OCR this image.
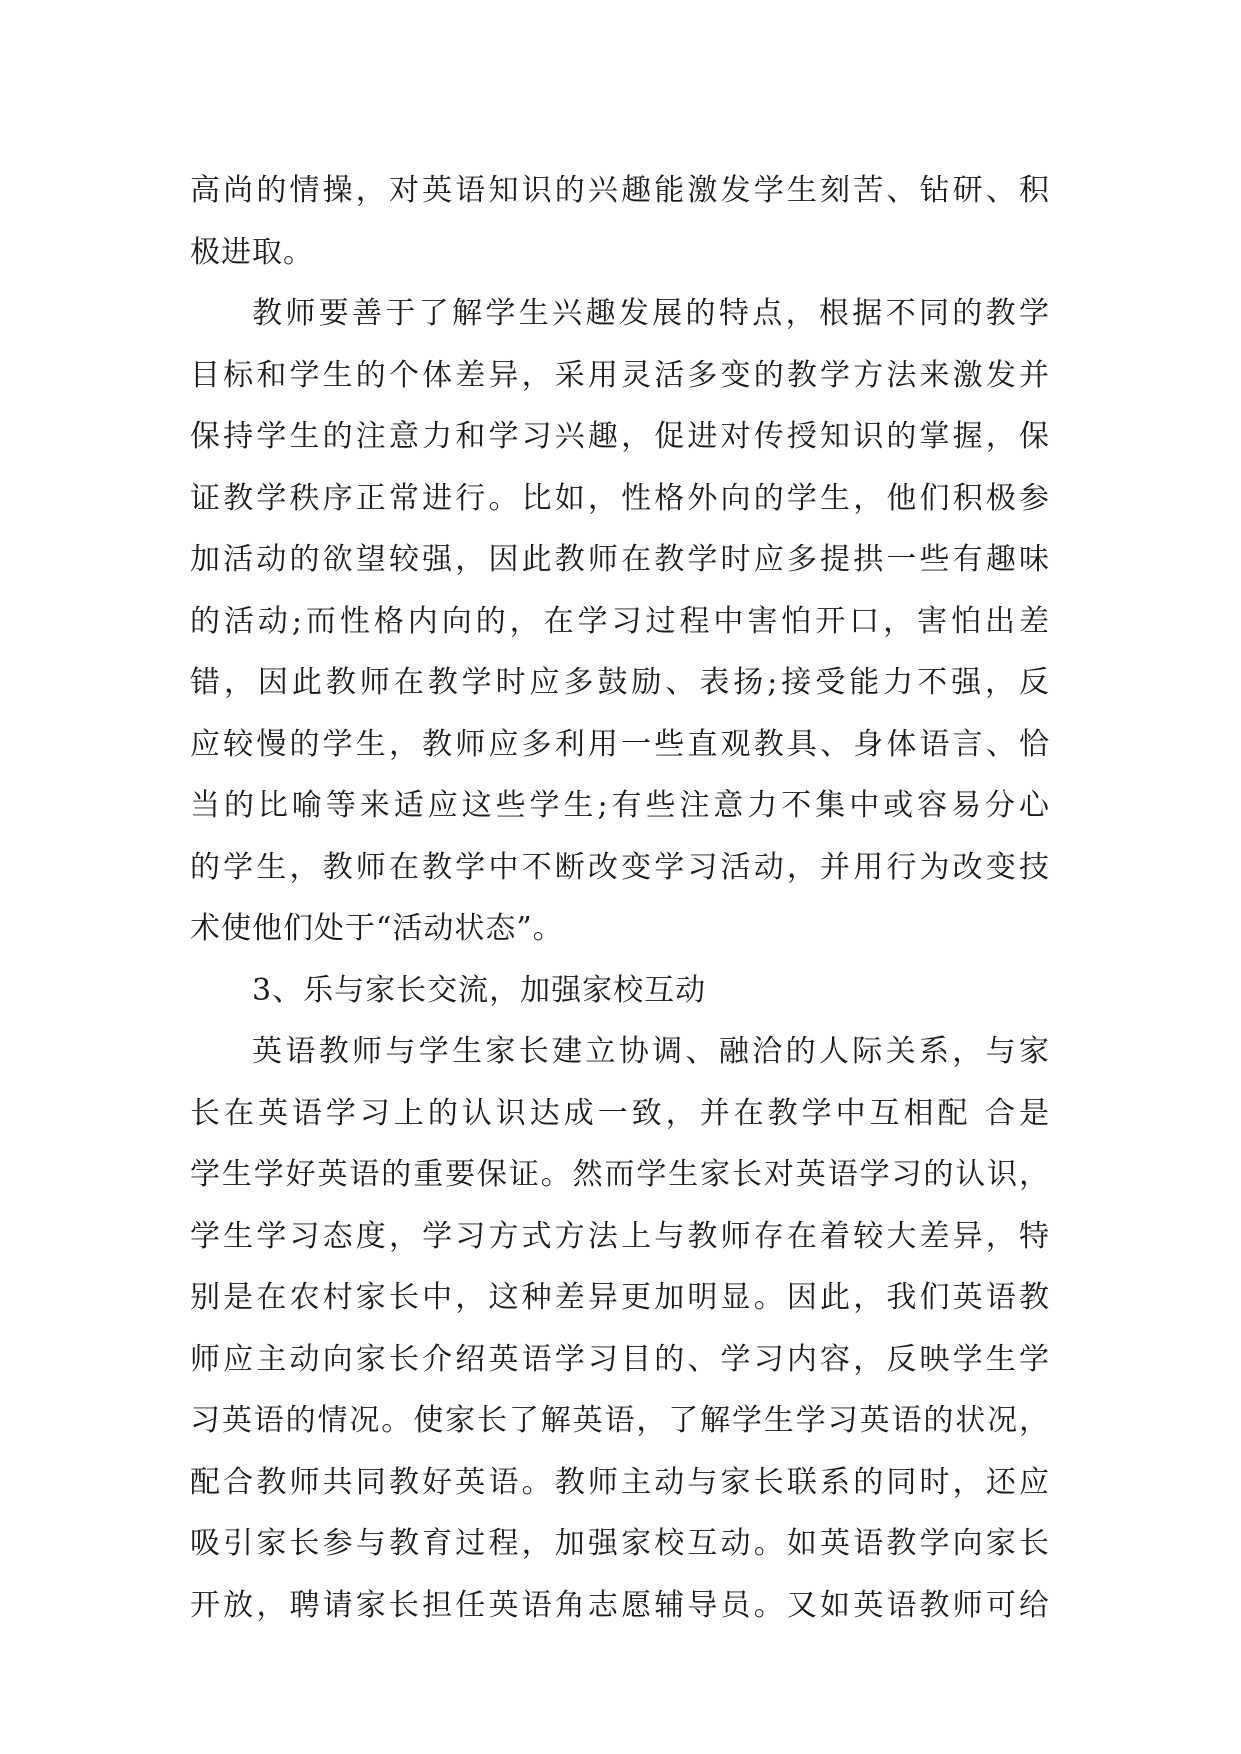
高尚的情操，对英语知识的兴趣能激发学生刻苦、钻研、积
极进取。
教师要善于了解学生兴趣发展的特点，根据不同的教学
目标和学生的个体差异，采用灵活多变的教学方法来激发并
保持学生的注意力和学习兴趣，促进对传授知识的掌握，保
证教学秩序正常进行。比如，性格外向的学生，他们积极参
加活动的欲望较强，因此教师在教学时应多提拱一些有趣味
的活动;而性格内向的，在学习过程中害怕开口，害怕出差
错，因此教师在教学时应多鼓励、表扬;接受能力不强，反
应较慢的学生，教师应多利用一些直观教具、身体语言、恰
当的比喻等来适应这些学生;有些注意力不集中或容易分心
的学生，教师在教学中不断改变学习活动，并用行为改变技
术使他们处于“活动状态”。
3、乐与家长交流，加强家校互动
英语教师与学生家长建立协调、融洽的人际关系，与家
长在英语学习上的认识达成一致，并在教学中互相配 合是
学生学好英语的重要保证。然而学生家长对英语学习的认识，
学生学习态度，学习方式方法上与教师存在着较大差异，特
别是在农村家长中，这种差异更加明显。因此，我们英语教
师应主动向家长介绍英语学习目的、学习内容，反映学生学
习英语的情况。使家长了解英语，了解学生学习英语的状况，
配合教师共同教好英语。教师主动与家长联系的同时，还应
吸引家长参与教育过程，加强家校互动。如英语教学向家长
开放，聘请家长担任英语角志愿辅导员。又如英语教师可给
